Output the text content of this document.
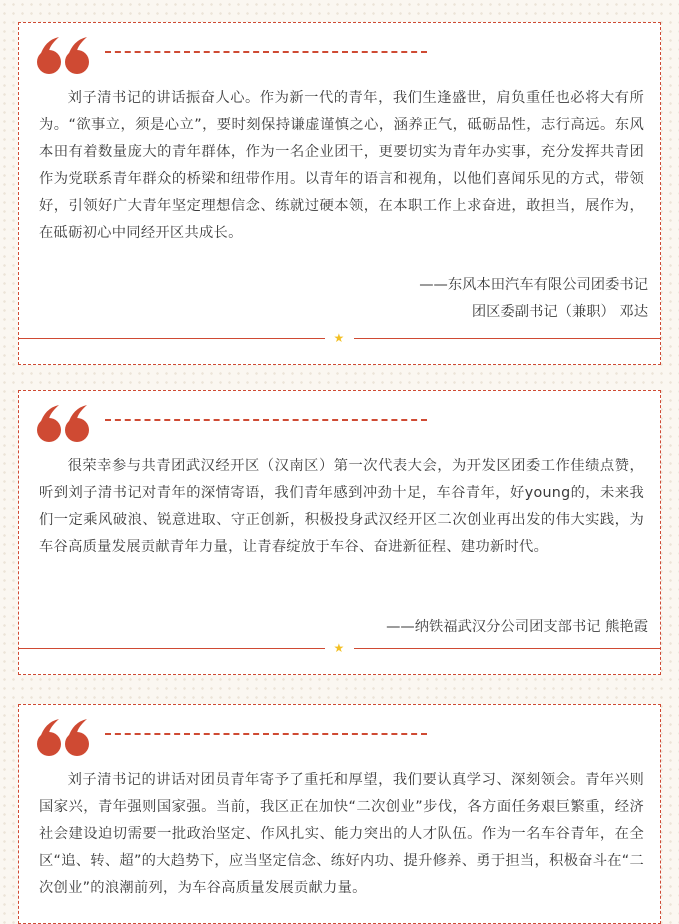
刘子清书记的讲话振奋人心。作为新一代的青年，我们生逢盛世，肩负重任也必将大有所为。“欲事立，须是心立”，要时刻保持谦虚谨慎之心，涵养正气，砥砺品性，志行高远。东风本田有着数量庞大的青年群体，作为一名企业团干，更要切实为青年办实事，充分发挥共青团作为党联系青年群众的桥梁和纽带作用。以青年的语言和视角，以他们喜闻乐见的方式，带领好，引领好广大青年坚定理想信念、练就过硬本领，在本职工作上求奋进，敢担当，展作为，在砥砺初心中同经开区共成长。

——东风本田汽车有限公司团委书记
团区委副书记（兼职） 邓达
★

很荣幸参与共青团武汉经开区（汉南区）第一次代表大会，为开发区团委工作佳绩点赞，听到刘子清书记对青年的深情寄语，我们青年感到冲劲十足，车谷青年，好young的，未来我们一定乘风破浪、锐意进取、守正创新，积极投身武汉经开区二次创业再出发的伟大实践，为车谷高质量发展贡献青年力量，让青春绽放于车谷、奋进新征程、建功新时代。

——纳铁福武汉分公司团支部书记 熊艳霞
★

刘子清书记的讲话对团员青年寄予了重托和厚望，我们要认真学习、深刻领会。青年兴则国家兴，青年强则国家强。当前，我区正在加快“二次创业”步伐，各方面任务艰巨繁重，经济社会建设迫切需要一批政治坚定、作风扎实、能力突出的人才队伍。作为一名车谷青年，在全区“追、转、超”的大趋势下，应当坚定信念、练好内功、提升修养、勇于担当，积极奋斗在“二次创业”的浪潮前列，为车谷高质量发展贡献力量。
